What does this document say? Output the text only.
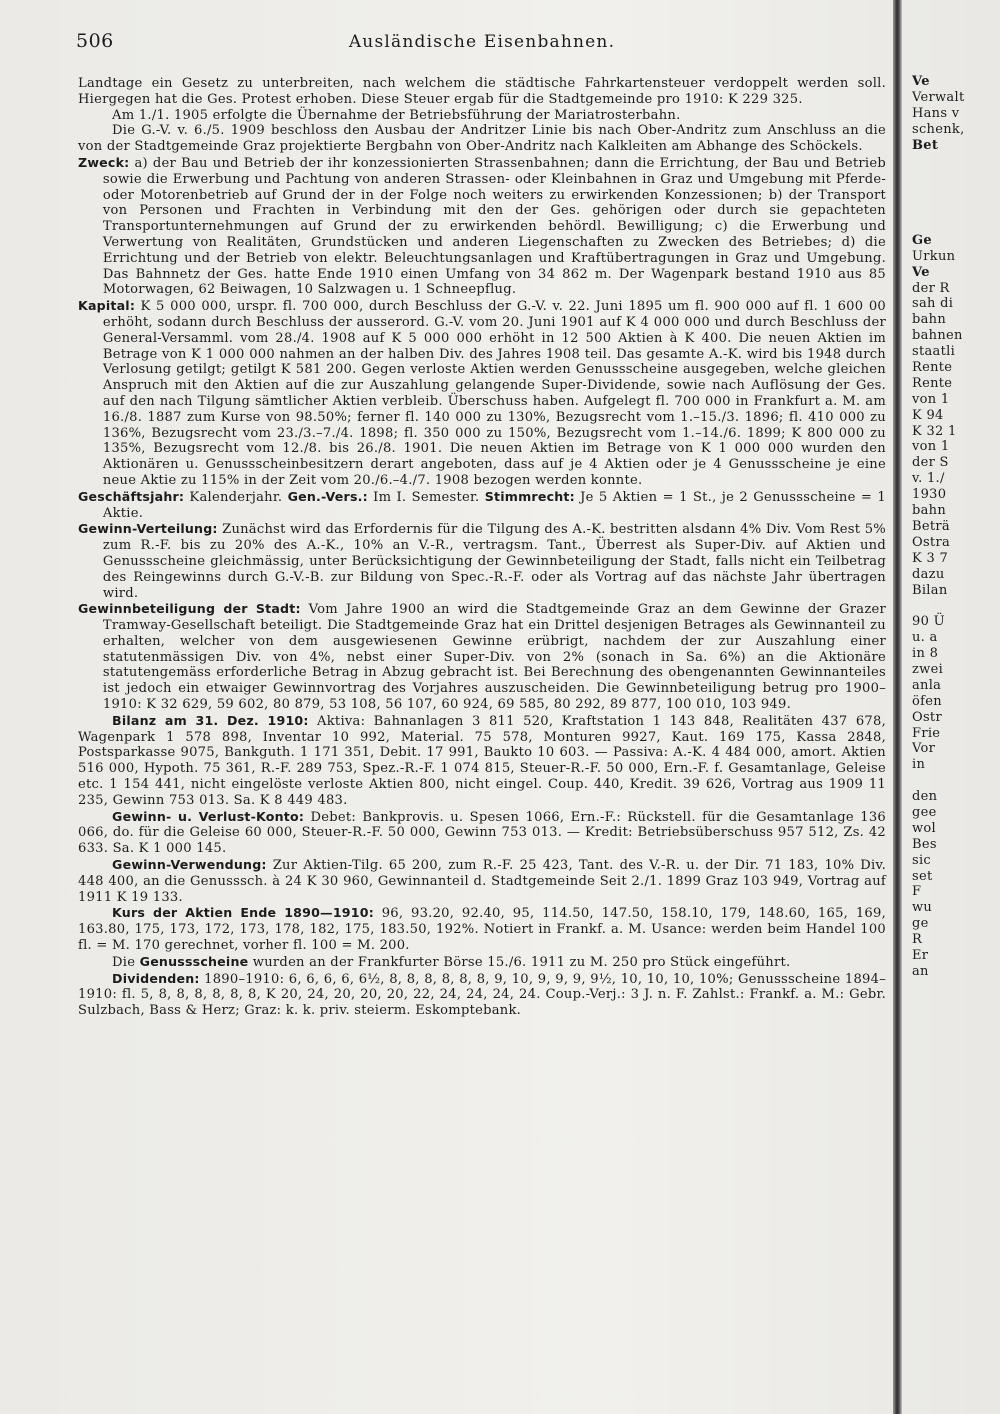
506	Ausländische Eisenbahnen.

Landtage ein Gesetz zu unterbreiten, nach welchem die städtische Fahrkartensteuer verdoppelt werden soll. Hiergegen hat die Ges. Protest erhoben. Diese Steuer ergab für die Stadtgemeinde pro 1910: K 229 325.

Am 1./1. 1905 erfolgte die Übernahme der Betriebsführung der Mariatrosterbahn.

Die G.-V. v. 6./5. 1909 beschloss den Ausbau der Andritzer Linie bis nach Ober-Andritz zum Anschluss an die von der Stadtgemeinde Graz projektierte Bergbahn von Ober-Andritz nach Kalkleiten am Abhange des Schöckels.

Zweck: a) der Bau und Betrieb der ihr konzessionierten Strassenbahnen; dann die Errichtung, der Bau und Betrieb sowie die Erwerbung und Pachtung von anderen Strassen- oder Kleinbahnen in Graz und Umgebung mit Pferde- oder Motorenbetrieb auf Grund der in der Folge noch weiters zu erwirkenden Konzessionen; b) der Transport von Personen und Frachten in Verbindung mit den der Ges. gehörigen oder durch sie gepachteten Transportunternehmungen auf Grund der zu erwirkenden behördl. Bewilligung; c) die Erwerbung und Verwertung von Realitäten, Grundstücken und anderen Liegenschaften zu Zwecken des Betriebes; d) die Errichtung und der Betrieb von elektr. Beleuchtungsanlagen und Kraftübertragungen in Graz und Umgebung. Das Bahnnetz der Ges. hatte Ende 1910 einen Umfang von 34 862 m. Der Wagenpark bestand 1910 aus 85 Motorwagen, 62 Beiwagen, 10 Salzwagen u. 1 Schneepflug.

Kapital: K 5 000 000, urspr. fl. 700 000, durch Beschluss der G.-V. v. 22. Juni 1895 um fl. 900 000 auf fl. 1 600 00 erhöht, sodann durch Beschluss der ausserord. G.-V. vom 20. Juni 1901 auf K 4 000 000 und durch Beschluss der General-Versamml. vom 28./4. 1908 auf K 5 000 000 erhöht in 12 500 Aktien à K 400. Die neuen Aktien im Betrage von K 1 000 000 nahmen an der halben Div. des Jahres 1908 teil. Das gesamte A.-K. wird bis 1948 durch Verlosung getilgt; getilgt K 581 200. Gegen verloste Aktien werden Genussscheine ausgegeben, welche gleichen Anspruch mit den Aktien auf die zur Auszahlung gelangende Super-Dividende, sowie nach Auflösung der Ges. auf den nach Tilgung sämtlicher Aktien verbleib. Überschuss haben. Aufgelegt fl. 700 000 in Frankfurt a. M. am 16./8. 1887 zum Kurse von 98.50%; ferner fl. 140 000 zu 130%, Bezugsrecht vom 1.–15./3. 1896; fl. 410 000 zu 136%, Bezugsrecht vom 23./3.–7./4. 1898; fl. 350 000 zu 150%, Bezugsrecht vom 1.–14./6. 1899; K 800 000 zu 135%, Bezugsrecht vom 12./8. bis 26./8. 1901. Die neuen Aktien im Betrage von K 1 000 000 wurden den Aktionären u. Genussscheinbesitzern derart angeboten, dass auf je 4 Aktien oder je 4 Genussscheine je eine neue Aktie zu 115% in der Zeit vom 20./6.–4./7. 1908 bezogen werden konnte.

Geschäftsjahr: Kalenderjahr. Gen.-Vers.: Im I. Semester. Stimmrecht: Je 5 Aktien = 1 St., je 2 Genussscheine = 1 Aktie.

Gewinn-Verteilung: Zunächst wird das Erfordernis für die Tilgung des A.-K. bestritten alsdann 4% Div. Vom Rest 5% zum R.-F. bis zu 20% des A.-K., 10% an V.-R., vertragsm. Tant., Überrest als Super-Div. auf Aktien und Genussscheine gleichmässig, unter Berücksichtigung der Gewinnbeteiligung der Stadt, falls nicht ein Teilbetrag des Reingewinns durch G.-V.-B. zur Bildung von Spec.-R.-F. oder als Vortrag auf das nächste Jahr übertragen wird.

Gewinnbeteiligung der Stadt: Vom Jahre 1900 an wird die Stadtgemeinde Graz an dem Gewinne der Grazer Tramway-Gesellschaft beteiligt. Die Stadtgemeinde Graz hat ein Drittel desjenigen Betrages als Gewinnanteil zu erhalten, welcher von dem ausgewiesenen Gewinne erübrigt, nachdem der zur Auszahlung einer statutenmässigen Div. von 4%, nebst einer Super-Div. von 2% (sonach in Sa. 6%) an die Aktionäre statutengemäss erforderliche Betrag in Abzug gebracht ist. Bei Berechnung des obengenannten Gewinnanteiles ist jedoch ein etwaiger Gewinnvortrag des Vorjahres auszuscheiden. Die Gewinnbeteiligung betrug pro 1900–1910: K 32 629, 59 602, 80 879, 53 108, 56 107, 60 924, 69 585, 80 292, 89 877, 100 010, 103 949.

Bilanz am 31. Dez. 1910: Aktiva: Bahnanlagen 3 811 520, Kraftstation 1 143 848, Realitäten 437 678, Wagenpark 1 578 898, Inventar 10 992, Material. 75 578, Monturen 9927, Kaut. 169 175, Kassa 2848, Postsparkasse 9075, Bankguth. 1 171 351, Debit. 17 991, Baukto 10 603. — Passiva: A.-K. 4 484 000, amort. Aktien 516 000, Hypoth. 75 361, R.-F. 289 753, Spez.-R.-F. 1 074 815, Steuer-R.-F. 50 000, Ern.-F. f. Gesamtanlage, Geleise etc. 1 154 441, nicht eingelöste verloste Aktien 800, nicht eingel. Coup. 440, Kredit. 39 626, Vortrag aus 1909 11 235, Gewinn 753 013. Sa. K 8 449 483.

Gewinn- u. Verlust-Konto: Debet: Bankprovis. u. Spesen 1066, Ern.-F.: Rückstell. für die Gesamtanlage 136 066, do. für die Geleise 60 000, Steuer-R.-F. 50 000, Gewinn 753 013. — Kredit: Betriebsüberschuss 957 512, Zs. 42 633. Sa. K 1 000 145.

Gewinn-Verwendung: Zur Aktien-Tilg. 65 200, zum R.-F. 25 423, Tant. des V.-R. u. der Dir. 71 183, 10% Div. 448 400, an die Genusssch. à 24 K 30 960, Gewinnanteil d. Stadtgemeinde Seit 2./1. 1899 Graz 103 949, Vortrag auf 1911 K 19 133.

Kurs der Aktien Ende 1890—1910: 96, 93.20, 92.40, 95, 114.50, 147.50, 158.10, 179, 148.60, 165, 169, 163.80, 175, 173, 172, 173, 178, 182, 175, 183.50, 192%. Notiert in Frankf. a. M. Usance: werden beim Handel 100 fl. = M. 170 gerechnet, vorher fl. 100 = M. 200.

Die Genussscheine wurden an der Frankfurter Börse 15./6. 1911 zu M. 250 pro Stück eingeführt.

Dividenden: 1890–1910: 6, 6, 6, 6, 6½, 8, 8, 8, 8, 8, 8, 9, 10, 9, 9, 9, 9½, 10, 10, 10, 10%; Genussscheine 1894–1910: fl. 5, 8, 8, 8, 8, 8, 8, K 20, 24, 20, 20, 20, 22, 24, 24, 24, 24. Coup.-Verj.: 3 J. n. F. Zahlst.: Frankf. a. M.: Gebr. Sulzbach, Bass & Herz; Graz: k. k. priv. steierm. Eskomptebank.

Ve
Verwalt
Hans v
schenk,
Bet
Ge
Urkun
Ve
der R
sah di
bahn
bahnen
staatli
Rente
Rente
von 1
K 94
K 32 1
von 1
der S
v. 1./
1930
bahn
Beträ
Ostra
K 3 7
dazu
Bilan
90 Ü
u. a
in 8
zwei
anla
öfen
Ostr
Frie
Vor
in
den
gee
wol
Bes
sic
set
F
wu
ge
R
Er
an
